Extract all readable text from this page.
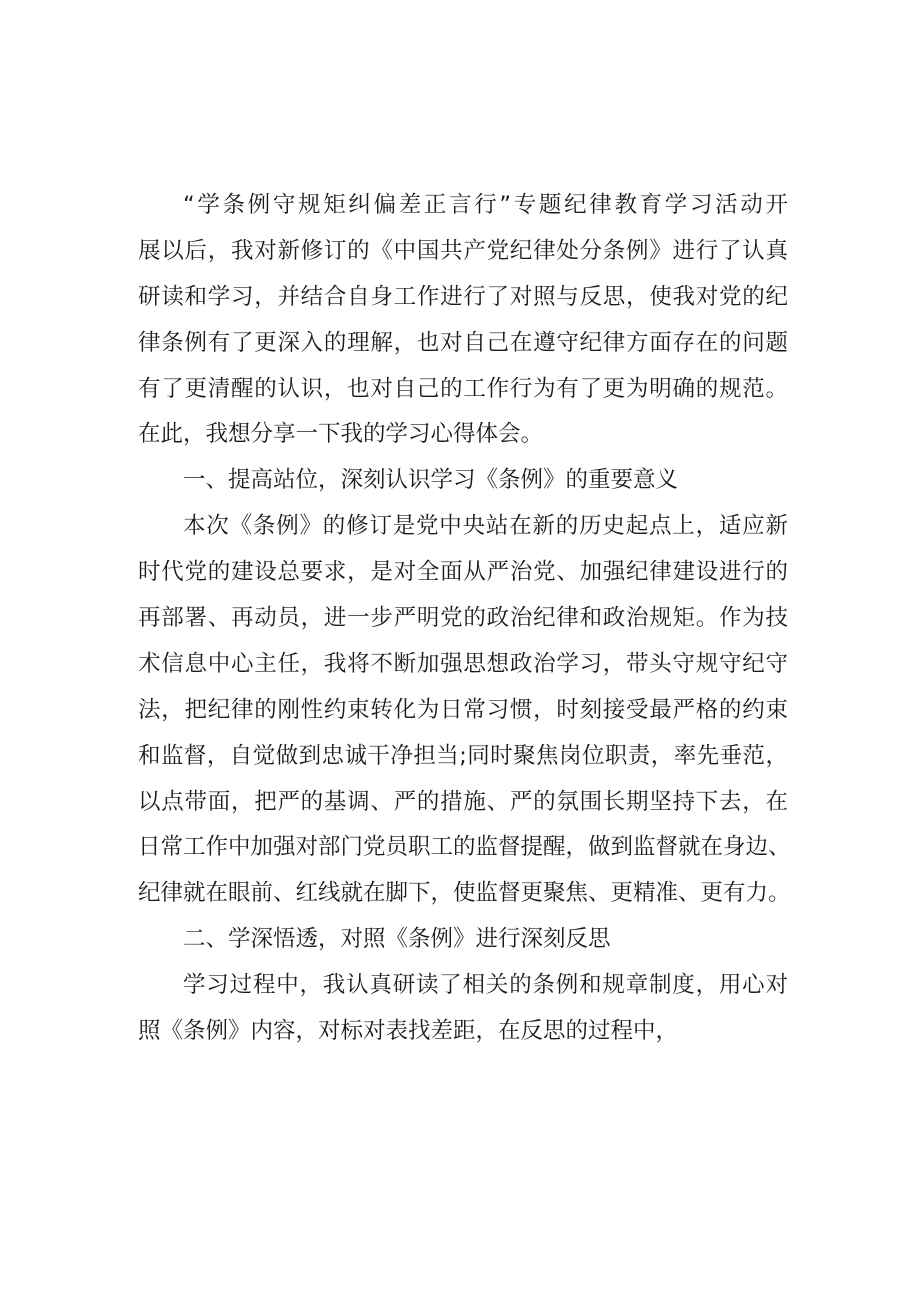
“学条例守规矩纠偏差正言行”专题纪律教育学习活动开
展以后，我对新修订的《中国共产党纪律处分条例》进行了认真
研读和学习，并结合自身工作进行了对照与反思，使我对党的纪
律条例有了更深入的理解，也对自己在遵守纪律方面存在的问题
有了更清醒的认识，也对自己的工作行为有了更为明确的规范。
在此，我想分享一下我的学习心得体会。
一、提高站位，深刻认识学习《条例》的重要意义
本次《条例》的修订是党中央站在新的历史起点上，适应新
时代党的建设总要求，是对全面从严治党、加强纪律建设进行的
再部署、再动员，进一步严明党的政治纪律和政治规矩。作为技
术信息中心主任，我将不断加强思想政治学习，带头守规守纪守
法，把纪律的刚性约束转化为日常习惯，时刻接受最严格的约束
和监督，自觉做到忠诚干净担当;同时聚焦岗位职责，率先垂范，
以点带面，把严的基调、严的措施、严的氛围长期坚持下去，在
日常工作中加强对部门党员职工的监督提醒，做到监督就在身边、
纪律就在眼前、红线就在脚下，使监督更聚焦、更精准、更有力。
二、学深悟透，对照《条例》进行深刻反思
学习过程中，我认真研读了相关的条例和规章制度，用心对
照《条例》内容，对标对表找差距，在反思的过程中，
